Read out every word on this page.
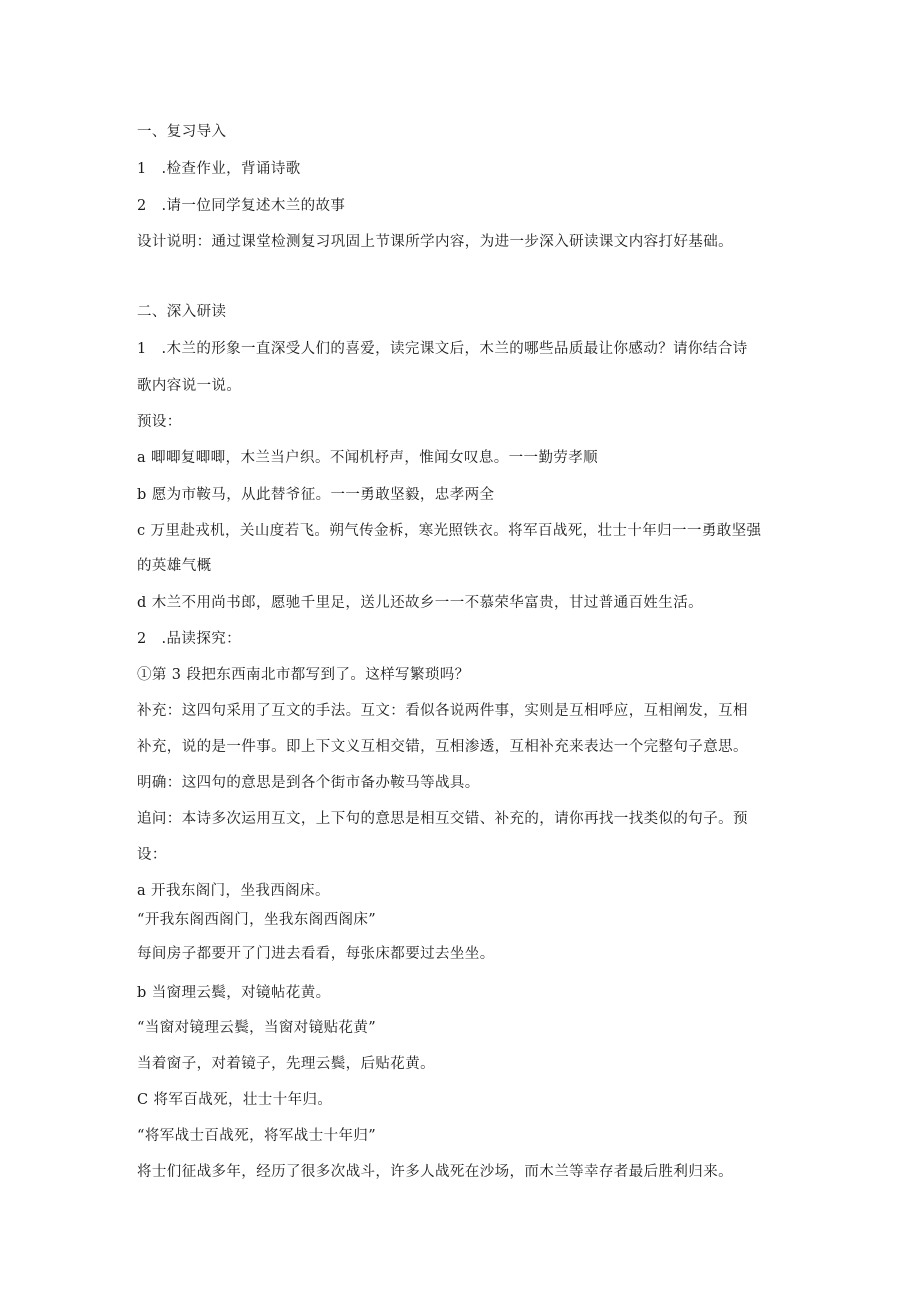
一、复习导入
1　.检查作业，背诵诗歌
2　.请一位同学复述木兰的故事
设计说明：通过课堂检测复习巩固上节课所学内容，为进一步深入研读课文内容打好基础。
二、深入研读
1　.木兰的形象一直深受人们的喜爱，读完课文后，木兰的哪些品质最让你感动？请你结合诗
歌内容说一说。
预设：
a 唧唧复唧唧，木兰当户织。不闻机杼声，惟闻女叹息。一一勤劳孝顺
b 愿为市鞍马，从此替爷征。一一勇敢坚毅，忠孝两全
c 万里赴戎机，关山度若飞。朔气传金柝，寒光照铁衣。将军百战死，壮士十年归一一勇敢坚强
的英雄气概
d 木兰不用尚书郎，愿驰千里足，送儿还故乡一一不慕荣华富贵，甘过普通百姓生活。
2　.品读探究：
①第 3 段把东西南北市都写到了。这样写繁琐吗？
补充：这四句采用了互文的手法。互文：看似各说两件事，实则是互相呼应，互相阐发，互相
补充，说的是一件事。即上下文义互相交错，互相渗透，互相补充来表达一个完整句子意思。
明确：这四句的意思是到各个街市备办鞍马等战具。
追问：本诗多次运用互文，上下句的意思是相互交错、补充的，请你再找一找类似的句子。预
设：
a 开我东阁门，坐我西阁床。
“开我东阁西阁门，坐我东阁西阁床”
每间房子都要开了门进去看看，每张床都要过去坐坐。
b 当窗理云鬓，对镜帖花黄。
“当窗对镜理云鬓，当窗对镜贴花黄”
当着窗子，对着镜子，先理云鬓，后贴花黄。
C 将军百战死，壮士十年归。
“将军战士百战死，将军战士十年归”
将士们征战多年，经历了很多次战斗，许多人战死在沙场，而木兰等幸存者最后胜利归来。
